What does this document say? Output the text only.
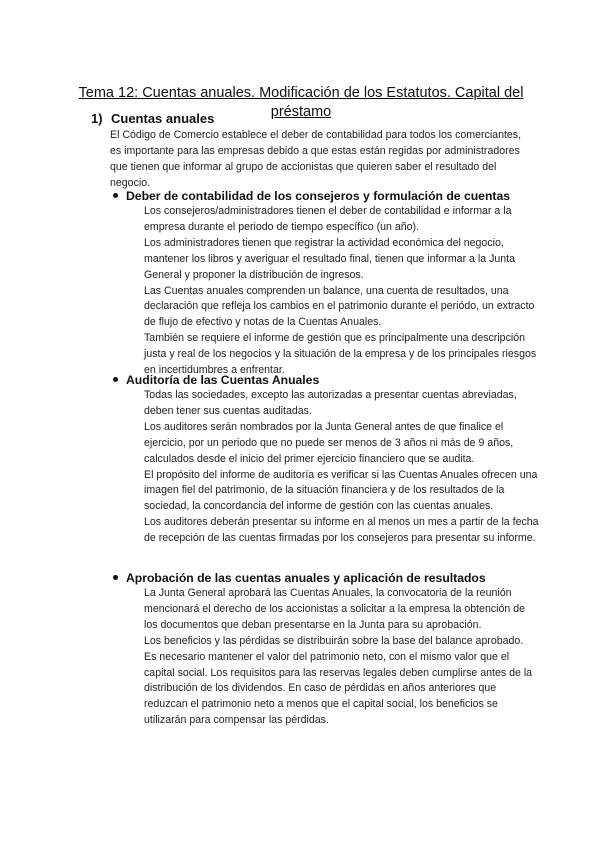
Tema 12: Cuentas anuales. Modificación de los Estatutos. Capital del préstamo
1) Cuentas anuales

El Código de Comercio establece el deber de contabilidad para todos los comerciantes, es importante para las empresas debido a que estas están regidas por administradores que tienen que informar al grupo de accionistas que quieren saber el resultado del negocio.

Deber de contabilidad de los consejeros y formulación de cuentas

Los consejeros/administradores tienen el deber de contabilidad e informar a la empresa durante el periodo de tiempo específico (un año).

Los administradores tienen que registrar la actividad económica del negocio, mantener los libros y averiguar el resultado final, tienen que informar a la Junta General y proponer la distribución de ingresos.

Las Cuentas anuales comprenden un balance, una cuenta de resultados, una declaración que refleja los cambios en el patrimonio durante el periódo, un extracto de flujo de efectivo y notas de la Cuentas Anuales.

También se requiere el informe de gestión que es principalmente una descripción justa y real de los negocios y la situación de la empresa y de los principales riesgos en incertidumbres a enfrentar.

Auditoría de las Cuentas Anuales

Todas las sociedades, excepto las autorizadas a presentar cuentas abreviadas, deben tener sus cuentas auditadas.

Los auditores serán nombrados por la Junta General antes de que finalice el ejercicio, por un periodo que no puede ser menos de 3 años ni más de 9 años, calculados desde el inicio del primer ejercicio financiero que se audita.

El propósito del informe de auditoría es verificar si las Cuentas Anuales ofrecen una imagen fiel del patrimonio, de la situación financiera y de los resultados de la sociedad, la concordancia del informe de gestión con las cuentas anuales.

Los auditores deberán presentar su informe en al menos un mes a partir de la fecha de recepción de las cuentas firmadas por los consejeros para presentar su informe.

Aprobación de las cuentas anuales y aplicación de resultados

La Junta General aprobará las Cuentas Anuales, la convocatoria de la reunión mencionará el derecho de los accionistas a solicitar a la empresa la obtención de los documentos que deban presentarse en la Junta para su aprobación.

Los beneficios y las pérdidas se distribuirán sobre la base del balance aprobado.

Es necesario mantener el valor del patrimonio neto, con el mismo valor que el capital social. Los requisitos para las reservas legales deben cumplirse antes de la distribución de los dividendos. En caso de pérdidas en años anteriores que reduzcan el patrimonio neto a menos que el capital social, los beneficios se utilizarán para compensar las pérdidas.
